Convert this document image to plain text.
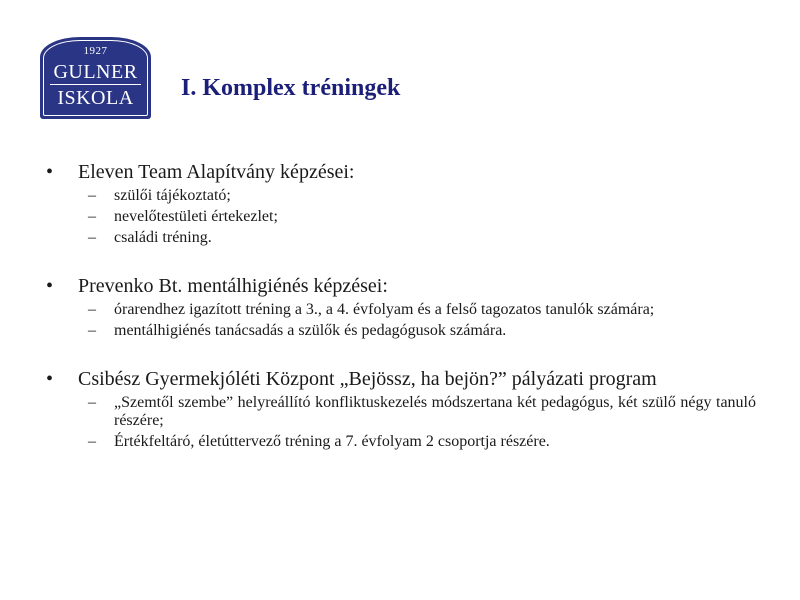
1927
GULNER
ISKOLA	I. Komplex tréningek
• Eleven Team Alapítvány képzései:
– szülői tájékoztató;
– nevelőtestületi értekezlet;
– családi tréning.
• Prevenko Bt. mentálhigiénés képzései:
– órarendhez igazított tréning a 3., a 4. évfolyam és a felső tagozatos tanulók számára;
– mentálhigiénés tanácsadás a szülők és pedagógusok számára.
• Csibész Gyermekjóléti Központ „Bejössz, ha bejön?” pályázati program
– „Szemtől szembe” helyreállító konfliktuskezelés módszertana két pedagógus, két szülő négy tanuló részére;
– Értékfeltáró, életúttervező tréning a 7. évfolyam 2 csoportja részére.
